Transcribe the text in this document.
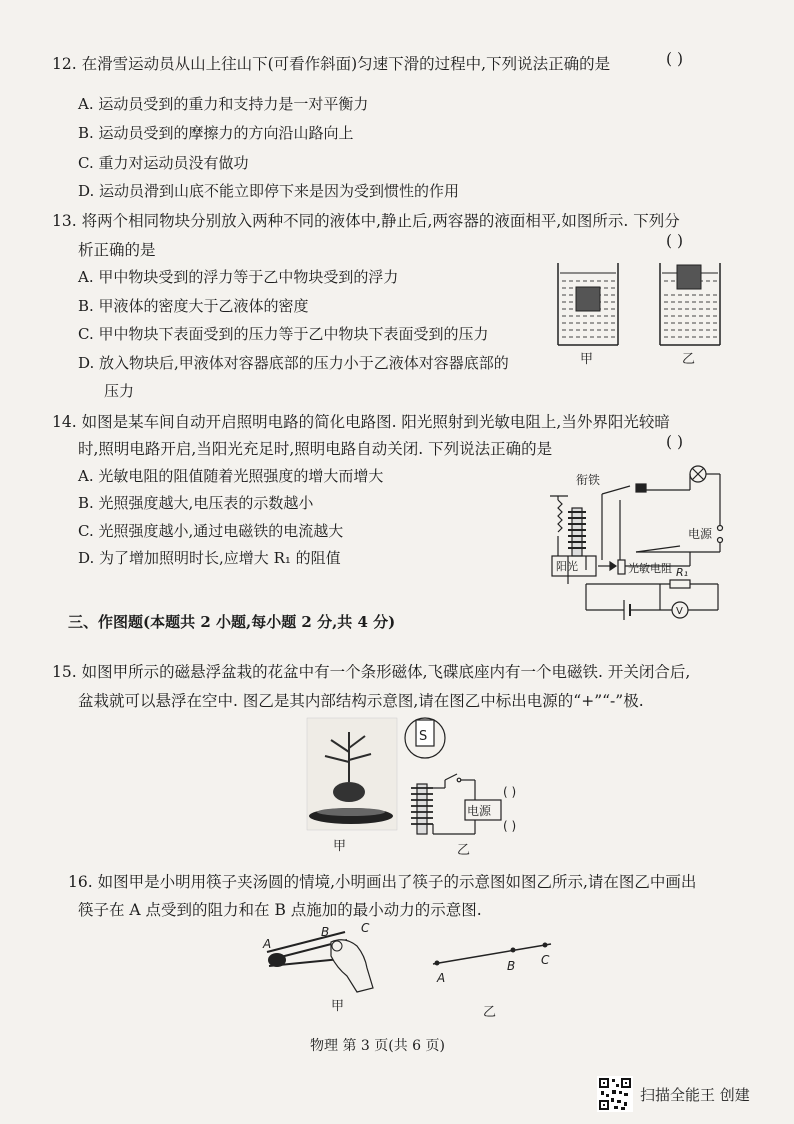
12. 在滑雪运动员从山上往山下(可看作斜面)匀速下滑的过程中,下列说法正确的是	( )
A. 运动员受到的重力和支持力是一对平衡力
B. 运动员受到的摩擦力的方向沿山路向上
C. 重力对运动员没有做功
D. 运动员滑到山底不能立即停下来是因为受到惯性的作用
13. 将两个相同物块分别放入两种不同的液体中,静止后,两容器的液面相平,如图所示. 下列分
析正确的是	( )
A. 甲中物块受到的浮力等于乙中物块受到的浮力
B. 甲液体的密度大于乙液体的密度
C. 甲中物块下表面受到的压力等于乙中物块下表面受到的压力
D. 放入物块后,甲液体对容器底部的压力小于乙液体对容器底部的
压力
甲	乙
14. 如图是某车间自动开启照明电路的简化电路图. 阳光照射到光敏电阻上,当外界阳光较暗
时,照明电路开启,当阳光充足时,照明电路自动关闭. 下列说法正确的是	( )
A. 光敏电阻的阻值随着光照强度的增大而增大
B. 光照强度越大,电压表的示数越小
C. 光照强度越小,通过电磁铁的电流越大
D. 为了增加照明时长,应增大 R₁ 的阻值
衔铁
电源
阳光	光敏电阻 R₁
V
三、作图题(本题共 2 小题,每小题 2 分,共 4 分)
15. 如图甲所示的磁悬浮盆栽的花盆中有一个条形磁体,飞碟底座内有一个电磁铁. 开关闭合后,
盆栽就可以悬浮在空中. 图乙是其内部结构示意图,请在图乙中标出电源的“+”“-”极.
S
电源
( )
( )
甲	乙
16. 如图甲是小明用筷子夹汤圆的情境,小明画出了筷子的示意图如图乙所示,请在图乙中画出
筷子在 A 点受到的阻力和在 B 点施加的最小动力的示意图.
A
B	C
A
B C
甲	乙
物理 第 3 页(共 6 页)
扫描全能王 创建
